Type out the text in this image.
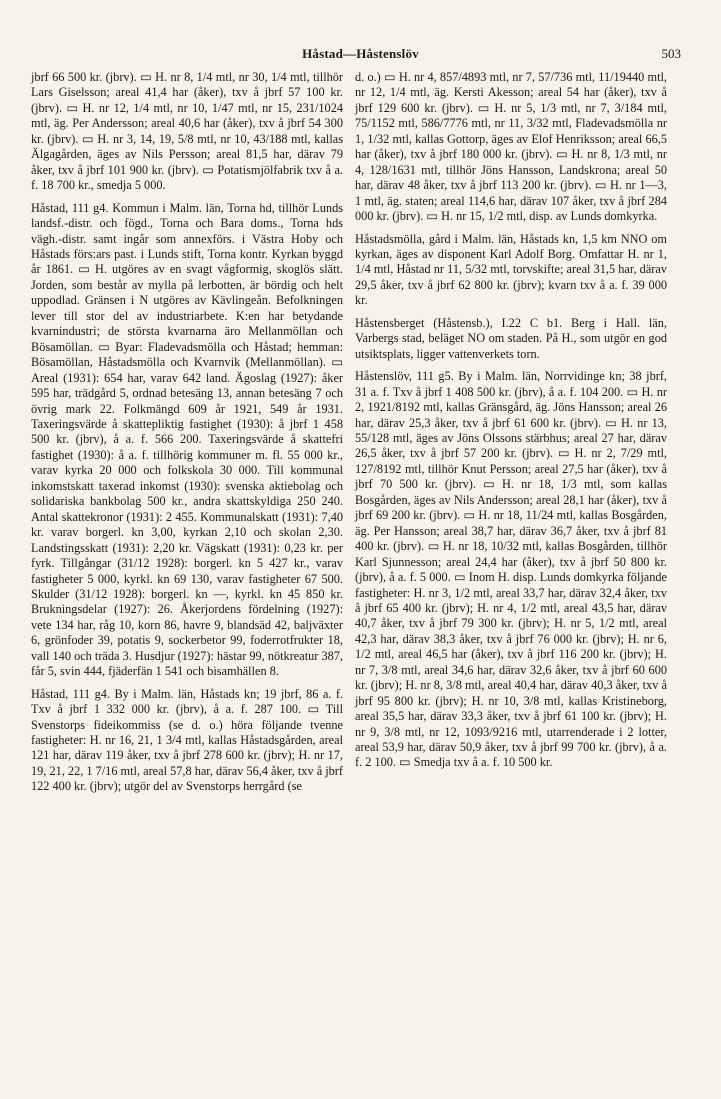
Håstad—Håstenslöv	503

jbrf 66 500 kr. (jbrv). ▭ H. nr 8, 1/4 mtl, nr 30, 1/4 mtl, tillhör Lars Giselsson; areal 41,4 har (åker), txv å jbrf 57 100 kr. (jbrv). ▭ H. nr 12, 1/4 mtl, nr 10, 1/47 mtl, nr 15, 231/1024 mtl, äg. Per Andersson; areal 40,6 har (åker), txv å jbrf 54 300 kr. (jbrv). ▭ H. nr 3, 14, 19, 5/8 mtl, nr 10, 43/188 mtl, kallas Älgagården, äges av Nils Persson; areal 81,5 har, därav 79 åker, txv å jbrf 101 900 kr. (jbrv). ▭ Potatismjölfabrik txv å a. f. 18 700 kr., smedja 5 000.

Håstad, 111 g4. Kommun i Malm. län, Torna hd, tillhör Lunds landsf.-distr. och fögd., Torna och Bara doms., Torna hds vägh.-distr. samt ingår som annexförs. i Västra Hoby och Håstads förs:ars past. i Lunds stift, Torna kontr. Kyrkan byggd år 1861. ▭ H. utgöres av en svagt vågformig, skoglös slätt. Jorden, som består av mylla på lerbotten, är bördig och helt uppodlad. Gränsen i N utgöres av Kävlingeån. Befolkningen lever till stor del av industriarbete. K:en har betydande kvarnindustri; de största kvarnarna äro Mellanmöllan och Bösamöllan. ▭ Byar: Fladevadsmölla och Håstad; hemman: Bösamöllan, Håstadsmölla och Kvarnvik (Mellanmöllan). ▭ Areal (1931): 654 har, varav 642 land. Ägoslag (1927): åker 595 har, trädgård 5, ordnad betesäng 13, annan betesäng 7 och övrig mark 22. Folkmängd 609 år 1921, 549 år 1931. Taxeringsvärde å skattepliktig fastighet (1930): å jbrf 1 458 500 kr. (jbrv), å a. f. 566 200. Taxeringsvärde å skattefri fastighet (1930): å a. f. tillhörig kommuner m. fl. 55 000 kr., varav kyrka 20 000 och folkskola 30 000. Till kommunal inkomstskatt taxerad inkomst (1930): svenska aktiebolag och solidariska bankbolag 500 kr., andra skattskyldiga 250 240. Antal skattekronor (1931): 2 455. Kommunalskatt (1931): 7,40 kr. varav borgerl. kn 3,00, kyrkan 2,10 och skolan 2,30. Landstingsskatt (1931): 2,20 kr. Vägskatt (1931): 0,23 kr. per fyrk. Tillgångar (31/12 1928): borgerl. kn 5 427 kr., varav fastigheter 5 000, kyrkl. kn 69 130, varav fastigheter 67 500. Skulder (31/12 1928): borgerl. kn —, kyrkl. kn 45 850 kr. Brukningsdelar (1927): 26. Åkerjordens fördelning (1927): vete 134 har, råg 10, korn 86, havre 9, blandsäd 42, baljväxter 6, grönfoder 39, potatis 9, sockerbetor 99, foderrotfrukter 18, vall 140 och träda 3. Husdjur (1927): hästar 99, nötkreatur 387, får 5, svin 444, fjäderfän 1 541 och bisamhällen 8.

Håstad, 111 g4. By i Malm. län, Håstads kn; 19 jbrf, 86 a. f. Txv å jbrf 1 332 000 kr. (jbrv), å a. f. 287 100. ▭ Till Svenstorps fideikommiss (se d. o.) höra följande tvenne fastigheter: H. nr 16, 21, 1 3/4 mtl, kallas Håstadsgården, areal 121 har, därav 119 åker, txv å jbrf 278 600 kr. (jbrv); H. nr 17, 19, 21, 22, 1 7/16 mtl, areal 57,8 har, därav 56,4 åker, txv å jbrf 122 400 kr. (jbrv); utgör del av Svenstorps herrgård (se

d. o.) ▭ H. nr 4, 857/4893 mtl, nr 7, 57/736 mtl, 11/19440 mtl, nr 12, 1/4 mtl, äg. Kersti Akesson; areal 54 har (åker), txv å jbrf 129 600 kr. (jbrv). ▭ H. nr 5, 1/3 mtl, nr 7, 3/184 mtl, 75/1152 mtl, 586/7776 mtl, nr 11, 3/32 mtl, Fladevadsmölla nr 1, 1/32 mtl, kallas Gottorp, äges av Elof Henriksson; areal 66,5 har (åker), txv å jbrf 180 000 kr. (jbrv). ▭ H. nr 8, 1/3 mtl, nr 4, 128/1631 mtl, tillhör Jöns Hansson, Landskrona; areal 50 har, därav 48 åker, txv å jbrf 113 200 kr. (jbrv). ▭ H. nr 1—3, 1 mtl, äg. staten; areal 114,6 har, därav 107 åker, txv å jbrf 284 000 kr. (jbrv). ▭ H. nr 15, 1/2 mtl, disp. av Lunds domkyrka.

Håstadsmölla, gård i Malm. län, Håstads kn, 1,5 km NNO om kyrkan, äges av disponent Karl Adolf Borg. Omfattar H. nr 1, 1/4 mtl, Håstad nr 11, 5/32 mtl, torvskifte; areal 31,5 har, därav 29,5 åker, txv å jbrf 62 800 kr. (jbrv); kvarn txv å a. f. 39 000 kr.

Håstensberget (Håstensb.), I.22 C b1. Berg i Hall. län, Varbergs stad, beläget NO om staden. På H., som utgör en god utsiktsplats, ligger vattenverkets torn.

Håstenslöv, 111 g5. By i Malm. län, Norrvidinge kn; 38 jbrf, 31 a. f. Txv å jbrf 1 408 500 kr. (jbrv), å a. f. 104 200. ▭ H. nr 2, 1921/8192 mtl, kallas Gränsgård, äg. Jöns Hansson; areal 26 har, därav 25,3 åker, txv å jbrf 61 600 kr. (jbrv). ▭ H. nr 13, 55/128 mtl, äges av Jöns Olssons stärbhus; areal 27 har, därav 26,5 åker, txv å jbrf 57 200 kr. (jbrv). ▭ H. nr 2, 7/29 mtl, 127/8192 mtl, tillhör Knut Persson; areal 27,5 har (åker), txv å jbrf 70 500 kr. (jbrv). ▭ H. nr 18, 1/3 mtl, som kallas Bosgården, äges av Nils Andersson; areal 28,1 har (åker), txv å jbrf 69 200 kr. (jbrv). ▭ H. nr 18, 11/24 mtl, kallas Bosgården, äg. Per Hansson; areal 38,7 har, därav 36,7 åker, txv å jbrf 81 400 kr. (jbrv). ▭ H. nr 18, 10/32 mtl, kallas Bosgården, tillhör Karl Sjunnesson; areal 24,4 har (åker), txv å jbrf 50 800 kr. (jbrv), å a. f. 5 000. ▭ Inom H. disp. Lunds domkyrka följande fastigheter: H. nr 3, 1/2 mtl, areal 33,7 har, därav 32,4 åker, txv å jbrf 65 400 kr. (jbrv); H. nr 4, 1/2 mtl, areal 43,5 har, därav 40,7 åker, txv å jbrf 79 300 kr. (jbrv); H. nr 5, 1/2 mtl, areal 42,3 har, därav 38,3 åker, txv å jbrf 76 000 kr. (jbrv); H. nr 6, 1/2 mtl, areal 46,5 har (åker), txv å jbrf 116 200 kr. (jbrv); H. nr 7, 3/8 mtl, areal 34,6 har, därav 32,6 åker, txv å jbrf 60 600 kr. (jbrv); H. nr 8, 3/8 mtl, areal 40,4 har, därav 40,3 åker, txv å jbrf 95 800 kr. (jbrv); H. nr 10, 3/8 mtl, kallas Kristineborg, areal 35,5 har, därav 33,3 åker, txv å jbrf 61 100 kr. (jbrv); H. nr 9, 3/8 mtl, nr 12, 1093/9216 mtl, utarrenderade i 2 lotter, areal 53,9 har, därav 50,9 åker, txv å jbrf 99 700 kr. (jbrv), å a. f. 2 100. ▭ Smedja txv å a. f. 10 500 kr.
